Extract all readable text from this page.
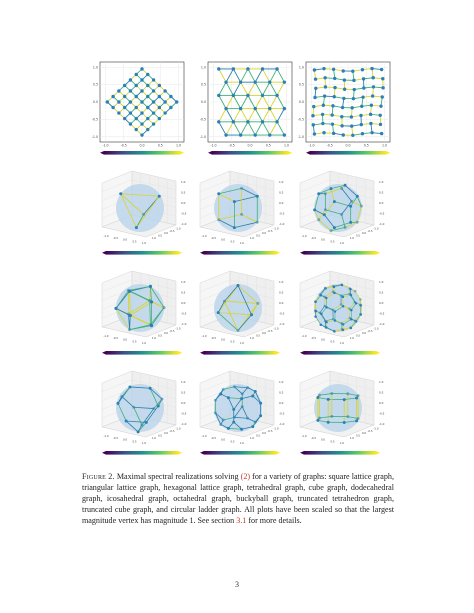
1.0
0.5
0.0
-0.5
-1.0
-1.0	-0.5	0.0	0.5	1.0
1.0
0.5
0.0
-0.5
-1.0
-1.0	-0.5	0.0	0.5	1.0
1.0
0.5
0.0
-0.5
-1.0
-1.0	-0.5	0.0	0.5	1.0
1.0
0.5
0.0
-0.5
-1.0
-1.0
-0.5
0.0
0.5
1.0
1.0
0.5
0.0
-0.5
-1.0
1.0
0.5
0.0
-0.5
-1.0
-1.0
-0.5
0.0
0.5
1.0
1.0
0.5
0.0
-0.5
-1.0
1.0
0.5
0.0
-0.5
-1.0
-1.0
-0.5
0.0
0.5
1.0
1.0
0.5
0.0
-0.5
-1.0
1.0
0.5
0.0
-0.5
-1.0
-1.0
-0.5
0.0
0.5
1.0
1.0
0.5
0.0
-0.5
-1.0
1.0
0.5
0.0
-0.5
-1.0
-1.0
-0.5
0.0
0.5
1.0
1.0
0.5
0.0
-0.5
-1.0
1.0
0.5
0.0
-0.5
-1.0
-1.0
-0.5
0.0
0.5
1.0
1.0
0.5
0.0
-0.5
-1.0
1.0
0.5
0.0
-0.5
-1.0
-1.0
-0.5
0.0
0.5
1.0
1.0
0.5
0.0
-0.5
-1.0
1.0
0.5
0.0
-0.5
-1.0
-1.0
-0.5
0.0
0.5
1.0
1.0
0.5
0.0
-0.5
-1.0
1.0
0.5
0.0
-0.5
-1.0
-1.0
-0.5
0.0
0.5
1.0
1.0
0.5
0.0
-0.5
-1.0

Figure 2. Maximal spectral realizations solving (2) for a variety of graphs: square lattice graph, triangular lattice graph, hexagonal lattice graph, tetrahedral graph, cube graph, dodecahedral graph, icosahedral graph, octahedral graph, buckyball graph, truncated tetrahedron graph, truncated cube graph, and circular ladder graph. All plots have been scaled so that the largest magnitude vertex has magnitude 1. See section 3.1 for more details.

3
